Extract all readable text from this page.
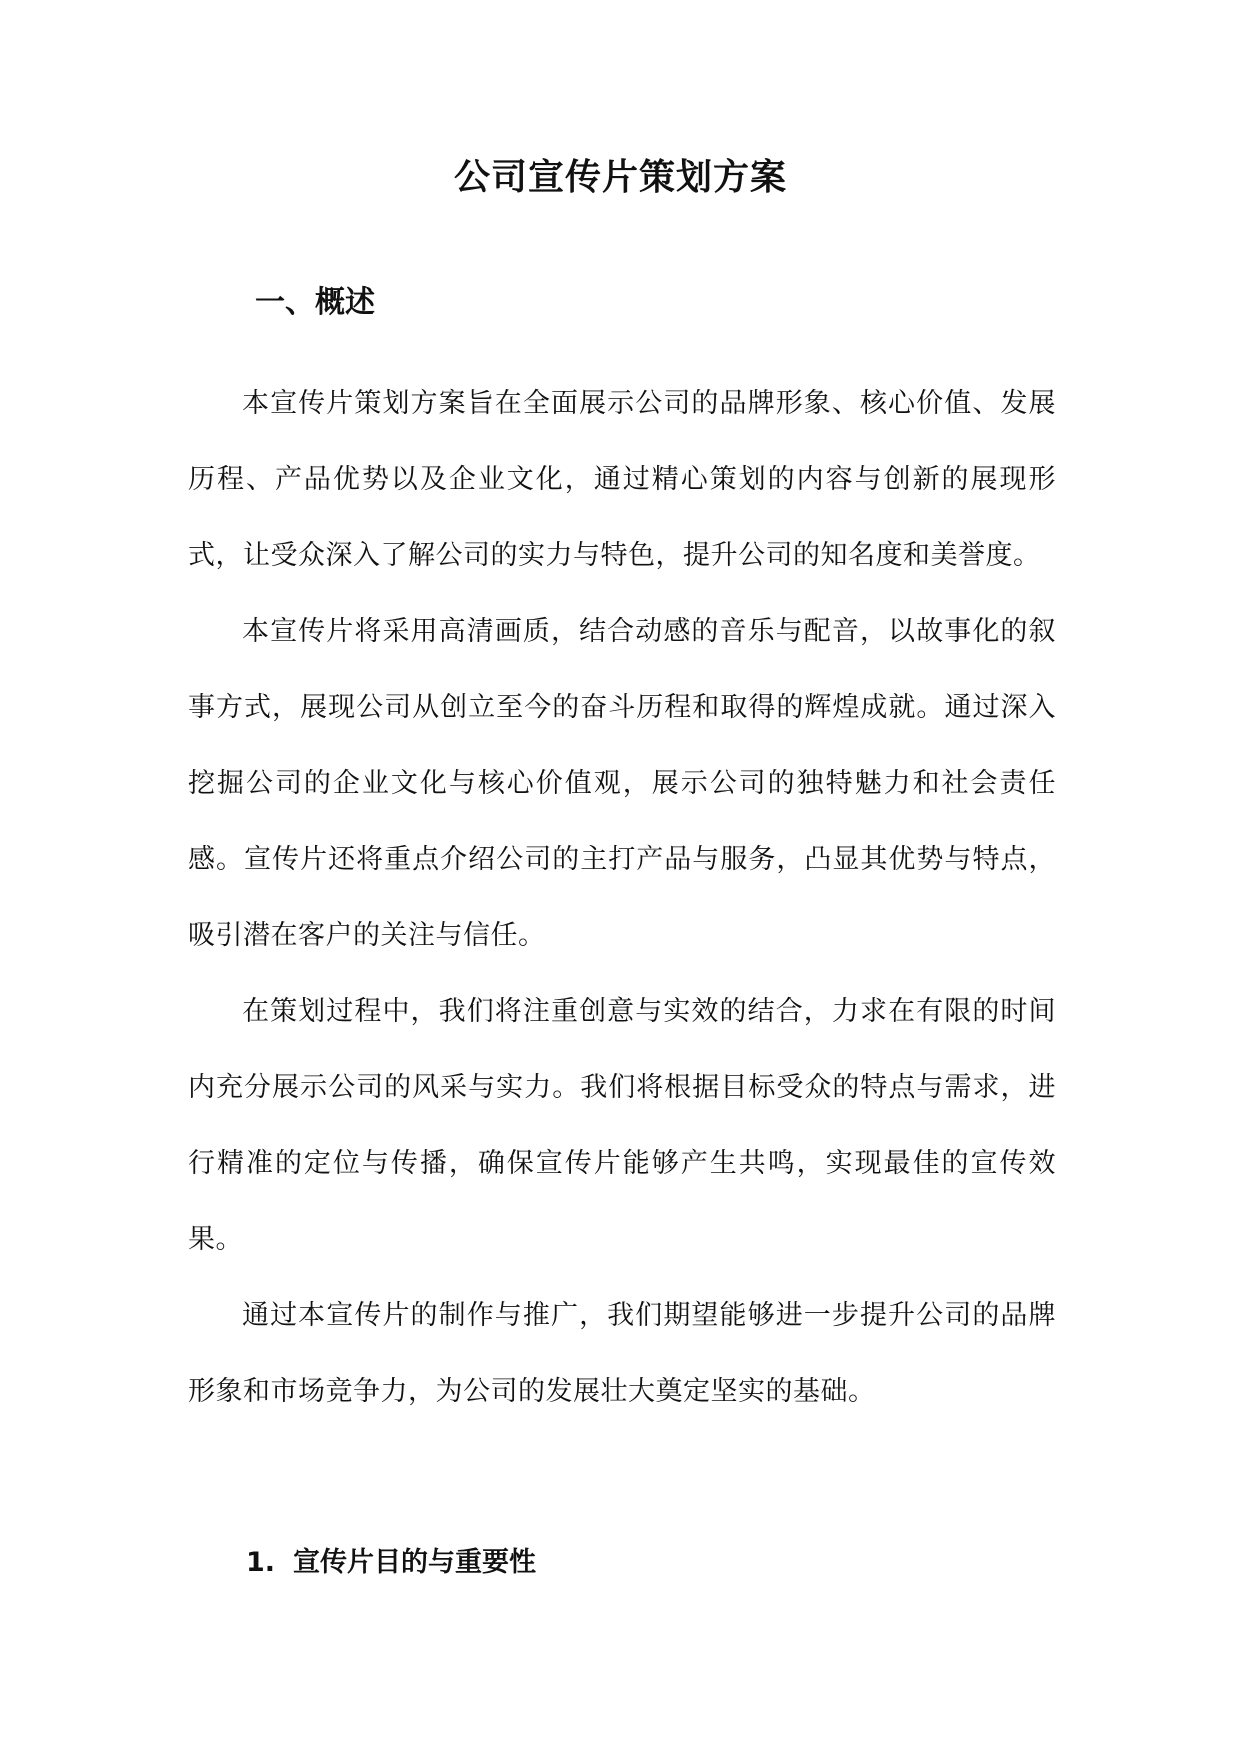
公司宣传片策划方案
一、概述

本宣传片策划方案旨在全面展示公司的品牌形象、核心价值、发展历程、产品优势以及企业文化，通过精心策划的内容与创新的展现形式，让受众深入了解公司的实力与特色，提升公司的知名度和美誉度。

本宣传片将采用高清画质，结合动感的音乐与配音，以故事化的叙事方式，展现公司从创立至今的奋斗历程和取得的辉煌成就。通过深入挖掘公司的企业文化与核心价值观，展示公司的独特魅力和社会责任感。宣传片还将重点介绍公司的主打产品与服务，凸显其优势与特点，吸引潜在客户的关注与信任。

在策划过程中，我们将注重创意与实效的结合，力求在有限的时间内充分展示公司的风采与实力。我们将根据目标受众的特点与需求，进行精准的定位与传播，确保宣传片能够产生共鸣，实现最佳的宣传效果。

通过本宣传片的制作与推广，我们期望能够进一步提升公司的品牌形象和市场竞争力，为公司的发展壮大奠定坚实的基础。

1. 宣传片目的与重要性
